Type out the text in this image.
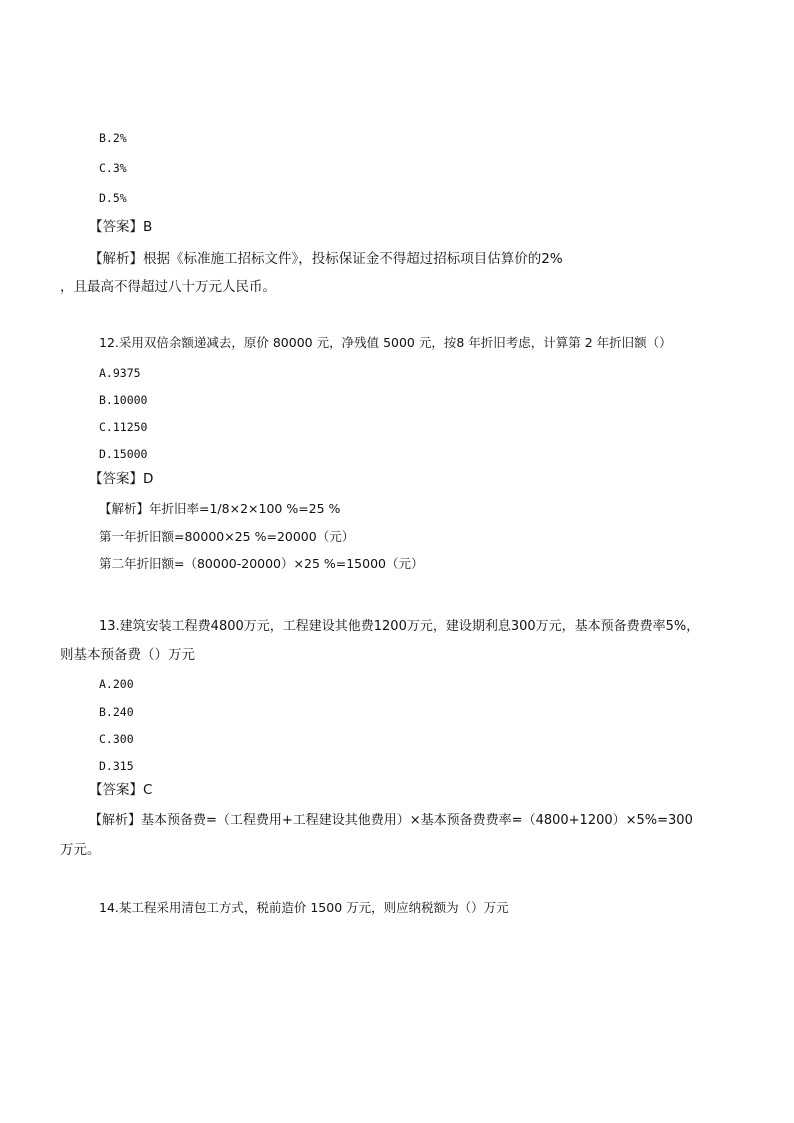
B.2%
C.3%
D.5%
【答案】B
【解析】根据《标准施工招标文件》，投标保证金不得超过招标项目估算价的2%
，且最高不得超过八十万元人民币。
12.采用双倍余额递减去，原价 80000 元，净残值 5000 元，按8 年折旧考虑，计算第 2 年折旧额（）
A.9375
B.10000
C.11250
D.15000
【答案】D
【解析】年折旧率=1/8×2×100 %=25 %
第一年折旧额=80000×25 %=20000（元）
第二年折旧额=（80000-20000）×25 %=15000（元）
13.建筑安装工程费4800万元，工程建设其他费1200万元，建设期利息300万元，基本预备费费率5%，
则基本预备费（）万元
A.200
B.240
C.300
D.315
【答案】C
【解析】基本预备费=（工程费用+工程建设其他费用）×基本预备费费率=（4800+1200）×5%=300
万元。
14.某工程采用清包工方式，税前造价 1500 万元，则应纳税额为（）万元
